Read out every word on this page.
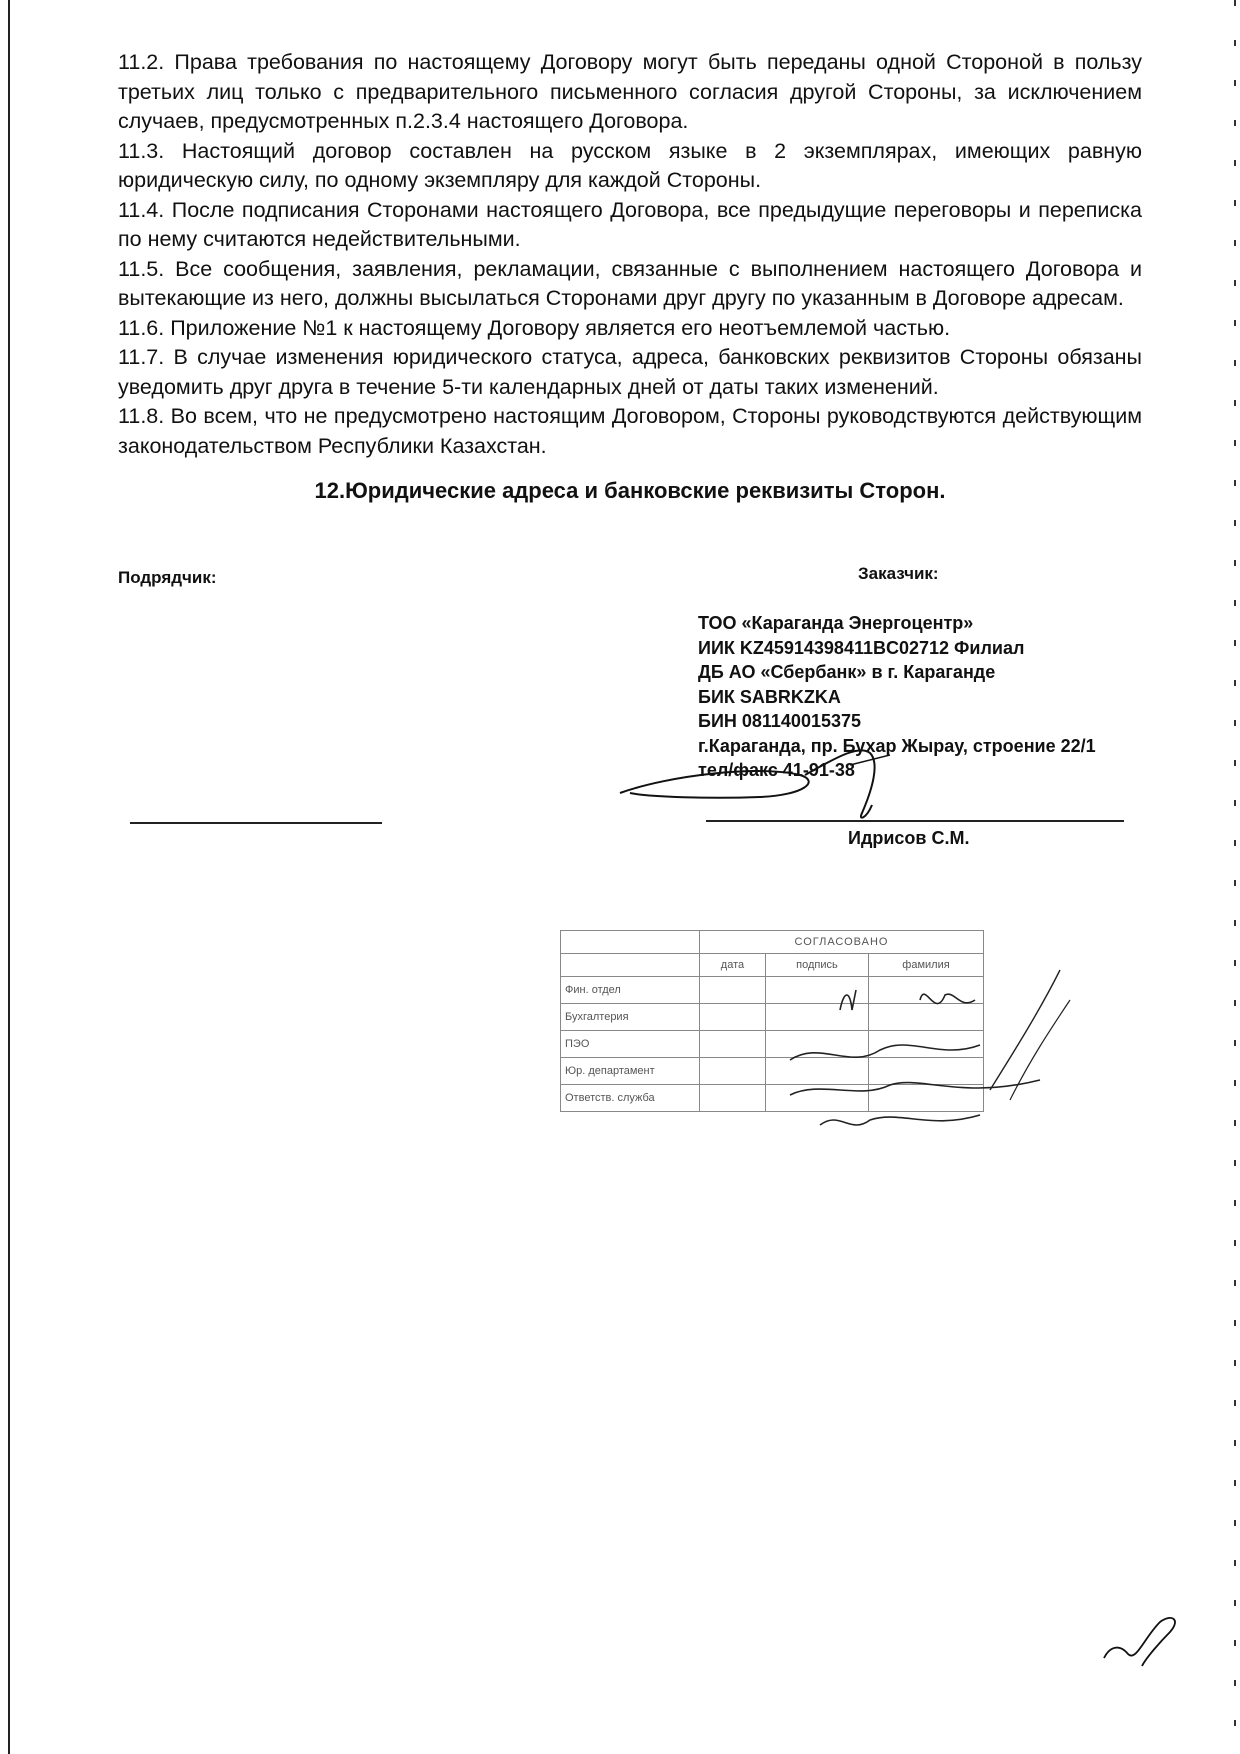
11.2. Права требования по настоящему Договору могут быть переданы одной Стороной в пользу третьих лиц только с предварительного письменного согласия другой Стороны, за исключением случаев, предусмотренных п.2.3.4 настоящего Договора.

11.3. Настоящий договор составлен на русском языке в 2 экземплярах, имеющих равную юридическую силу, по одному экземпляру для каждой Стороны.

11.4. После подписания Сторонами настоящего Договора, все предыдущие переговоры и переписка по нему считаются недействительными.

11.5. Все сообщения, заявления, рекламации, связанные с выполнением настоящего Договора и вытекающие из него, должны высылаться Сторонами друг другу по указанным в Договоре адресам.

11.6. Приложение №1 к настоящему Договору является его неотъемлемой частью.

11.7. В случае изменения юридического статуса, адреса, банковских реквизитов Стороны обязаны уведомить друг друга в течение 5-ти календарных дней от даты таких изменений.

11.8. Во всем, что не предусмотрено настоящим Договором, Стороны руководствуются действующим законодательством Республики Казахстан.

12.Юридические адреса и банковские реквизиты Сторон.
Подрядчик:	Заказчик:
ТОО «Караганда Энергоцентр»
ИИК KZ45914398411BC02712 Филиал
ДБ АО «Сбербанк» в г. Караганде
БИК SABRKZKA
БИН 081140015375
г.Караганда, пр. Бухар Жырау, строение 22/1
тел/факс 41-91-38
Идрисов С.М.
	СОГЛАСОВАНО		
	дата	подпись	фамилия
Фин. отдел			
Бухгалтерия			
ПЭО			
Юр. департамент			
Ответств. служба			
